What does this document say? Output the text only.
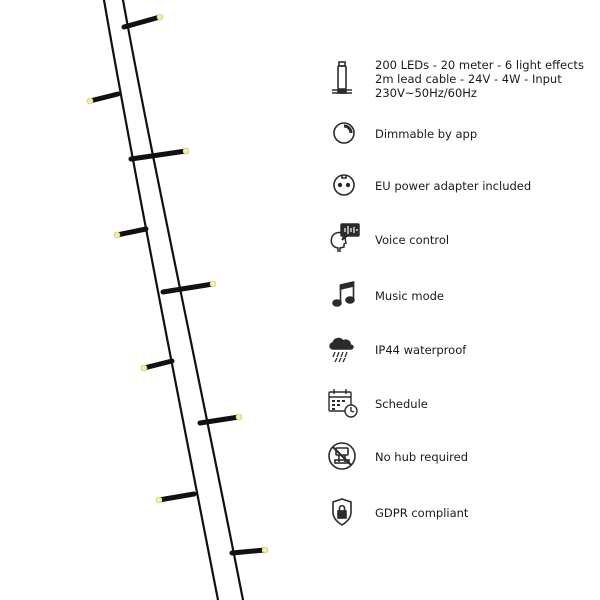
200 LEDs - 20 meter - 6 light effects
2m lead cable - 24V - 4W - Input
230V~50Hz/60Hz
Dimmable by app
EU power adapter included
Voice control
Music mode
IP44 waterproof
Schedule
No hub required
GDPR compliant
